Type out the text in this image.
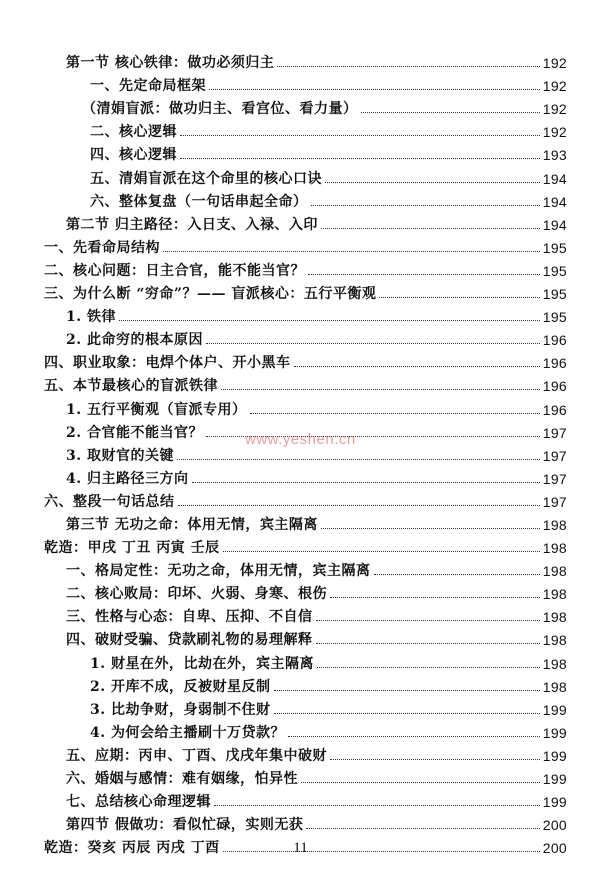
第一节 核心铁律：做功必须归主	192
一、先定命局框架	192
（清娟盲派：做功归主、看宫位、看力量）	192
二、核心逻辑	192
四、核心逻辑	193
五、清娟盲派在这个命里的核心口诀	194
六、整体复盘（一句话串起全命）	194
第二节 归主路径：入日支、入禄、入印	194
一、先看命局结构	195
二、核心问题：日主合官，能不能当官？	195
三、为什么断 “穷命”？—— 盲派核心：五行平衡观	195
1. 铁律	195
2. 此命穷的根本原因	196
四、职业取象：电焊个体户、开小黑车	196
五、本节最核心的盲派铁律	196
1. 五行平衡观（盲派专用）	196
2. 合官能不能当官？	197
3. 取财官的关键	197
4. 归主路径三方向	197
六、整段一句话总结	197
第三节 无功之命：体用无情，宾主隔离	198
乾造：甲戌 丁丑 丙寅 壬辰	198
一、格局定性：无功之命，体用无情，宾主隔离	198
二、核心败局：印坏、火弱、身寒、根伤	198
三、性格与心态：自卑、压抑、不自信	198
四、破财受骗、贷款刷礼物的易理解释	198
1. 财星在外，比劫在外，宾主隔离	198
2. 开库不成，反被财星反制	198
3. 比劫争财，身弱制不住财	199
4. 为何会给主播刷十万贷款？	199
五、应期：丙申、丁酉、戊戌年集中破财	199
六、婚姻与感情：难有姻缘，怕异性	199
七、总结核心命理逻辑	199
第四节 假做功：看似忙碌，实则无获	200
乾造：癸亥 丙辰 丙戌 丁酉	200
www.yeshen.cn
11
